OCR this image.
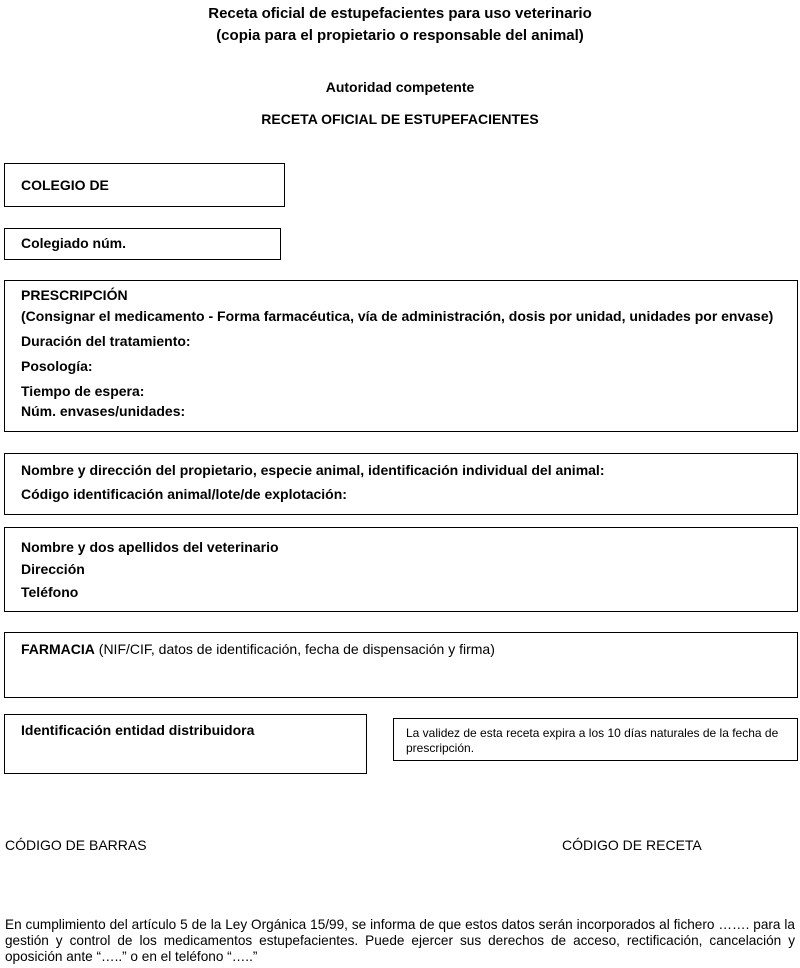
Receta oficial de estupefacientes para uso veterinario
(copia para el propietario o responsable del animal)
Autoridad competente
RECETA OFICIAL DE ESTUPEFACIENTES
COLEGIO DE
Colegiado núm.
PRESCRIPCIÓN
(Consignar el medicamento - Forma farmacéutica, vía de administración, dosis por unidad, unidades por envase)
Duración del tratamiento:
Posología:
Tiempo de espera:
Núm. envases/unidades:
Nombre y dirección del propietario, especie animal, identificación individual del animal:
Código identificación animal/lote/de explotación:
Nombre y dos apellidos del veterinario
Dirección
Teléfono
FARMACIA (NIF/CIF, datos de identificación, fecha de dispensación y firma)
Identificación entidad distribuidora	La validez de esta receta expira a los 10 días naturales de la fecha de prescripción.
CÓDIGO DE BARRAS	CÓDIGO DE RECETA
En cumplimiento del artículo 5 de la Ley Orgánica 15/99, se informa de que estos datos serán incorporados al fichero ……. para la gestión y control de los medicamentos estupefacientes. Puede ejercer sus derechos de acceso, rectificación, cancelación y oposición ante “…..” o en el teléfono “…..”
